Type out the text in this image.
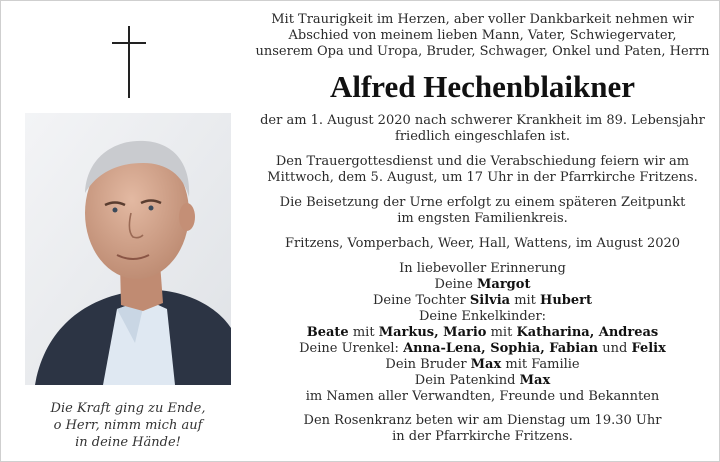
Die Kraft ging zu Ende,
o Herr, nimm mich auf
in deine Hände!
Mit Traurigkeit im Herzen, aber voller Dankbarkeit nehmen wir
Abschied von meinem lieben Mann, Vater, Schwiegervater,
unserem Opa und Uropa, Bruder, Schwager, Onkel und Paten, Herrn
Alfred Hechenblaikner
der am 1. August 2020 nach schwerer Krankheit im 89. Lebensjahr
friedlich eingeschlafen ist.
Den Trauergottesdienst und die Verabschiedung feiern wir am
Mittwoch, dem 5. August, um 17 Uhr in der Pfarrkirche Fritzens.
Die Beisetzung der Urne erfolgt zu einem späteren Zeitpunkt
im engsten Familienkreis.
Fritzens, Vomperbach, Weer, Hall, Wattens, im August 2020
In liebevoller Erinnerung
Deine Margot
Deine Tochter Silvia mit Hubert
Deine Enkelkinder:
Beate mit Markus, Mario mit Katharina, Andreas
Deine Urenkel: Anna-Lena, Sophia, Fabian und Felix
Dein Bruder Max mit Familie
Dein Patenkind Max
im Namen aller Verwandten, Freunde und Bekannten
Den Rosenkranz beten wir am Dienstag um 19.30 Uhr
in der Pfarrkirche Fritzens.
